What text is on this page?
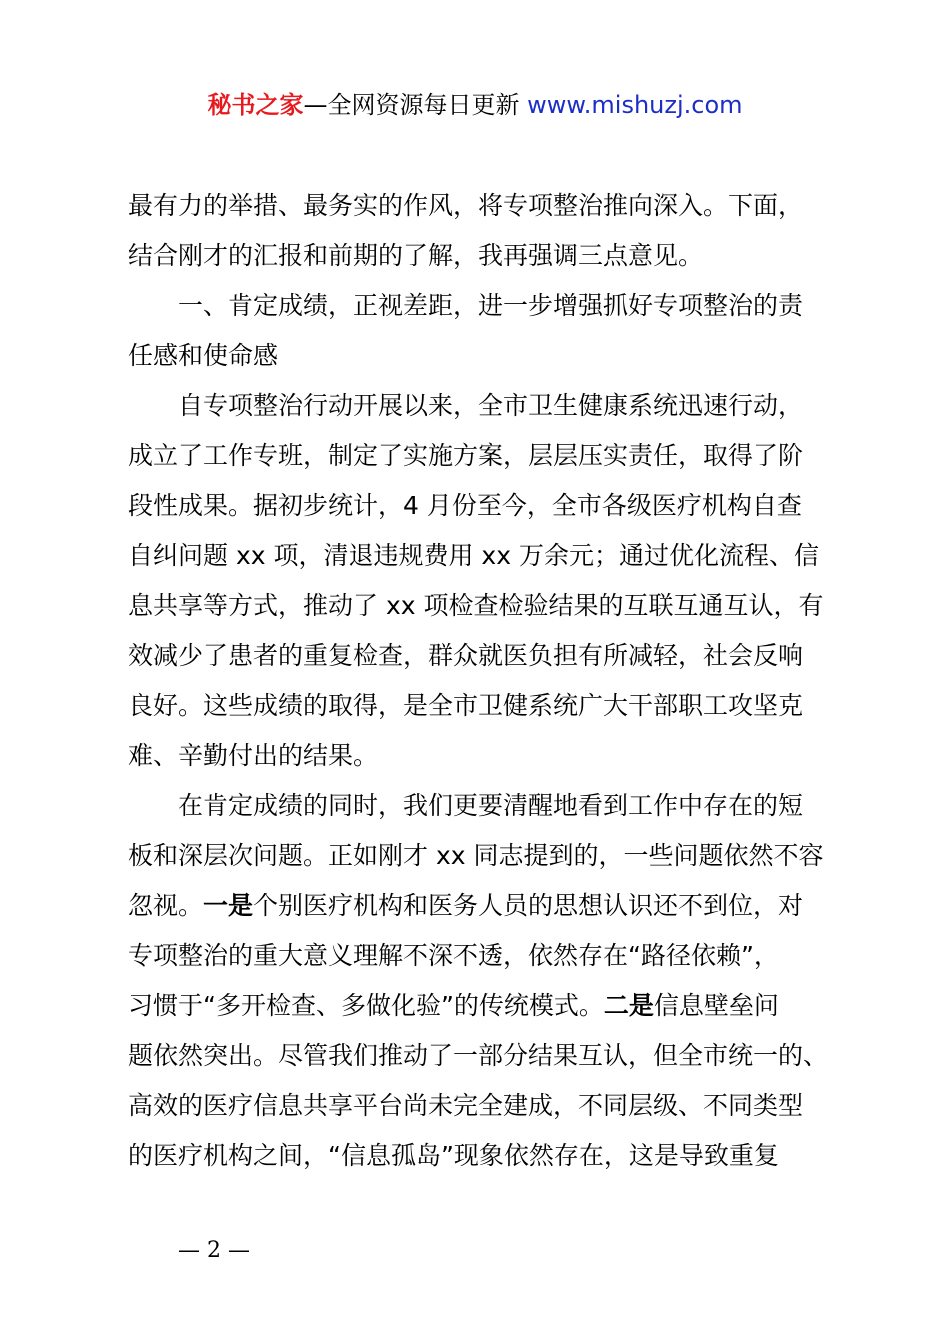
秘书之家—全网资源每日更新 www.mishuzj.com
最有力的举措、最务实的作风，将专项整治推向深入。下面，
结合刚才的汇报和前期的了解，我再强调三点意见。
一、肯定成绩，正视差距，进一步增强抓好专项整治的责
任感和使命感
自专项整治行动开展以来，全市卫生健康系统迅速行动，
成立了工作专班，制定了实施方案，层层压实责任，取得了阶
段性成果。据初步统计，4 月份至今，全市各级医疗机构自查
自纠问题 xx 项，清退违规费用 xx 万余元；通过优化流程、信
息共享等方式，推动了 xx 项检查检验结果的互联互通互认，有
效减少了患者的重复检查，群众就医负担有所减轻，社会反响
良好。这些成绩的取得，是全市卫健系统广大干部职工攻坚克
难、辛勤付出的结果。
在肯定成绩的同时，我们更要清醒地看到工作中存在的短
板和深层次问题。正如刚才 xx 同志提到的，一些问题依然不容
忽视。一是个别医疗机构和医务人员的思想认识还不到位，对
专项整治的重大意义理解不深不透，依然存在“路径依赖”，
习惯于“多开检查、多做化验”的传统模式。二是信息壁垒问
题依然突出。尽管我们推动了一部分结果互认，但全市统一的、
高效的医疗信息共享平台尚未完全建成，不同层级、不同类型
的医疗机构之间，“信息孤岛”现象依然存在，这是导致重复
— 2 —
